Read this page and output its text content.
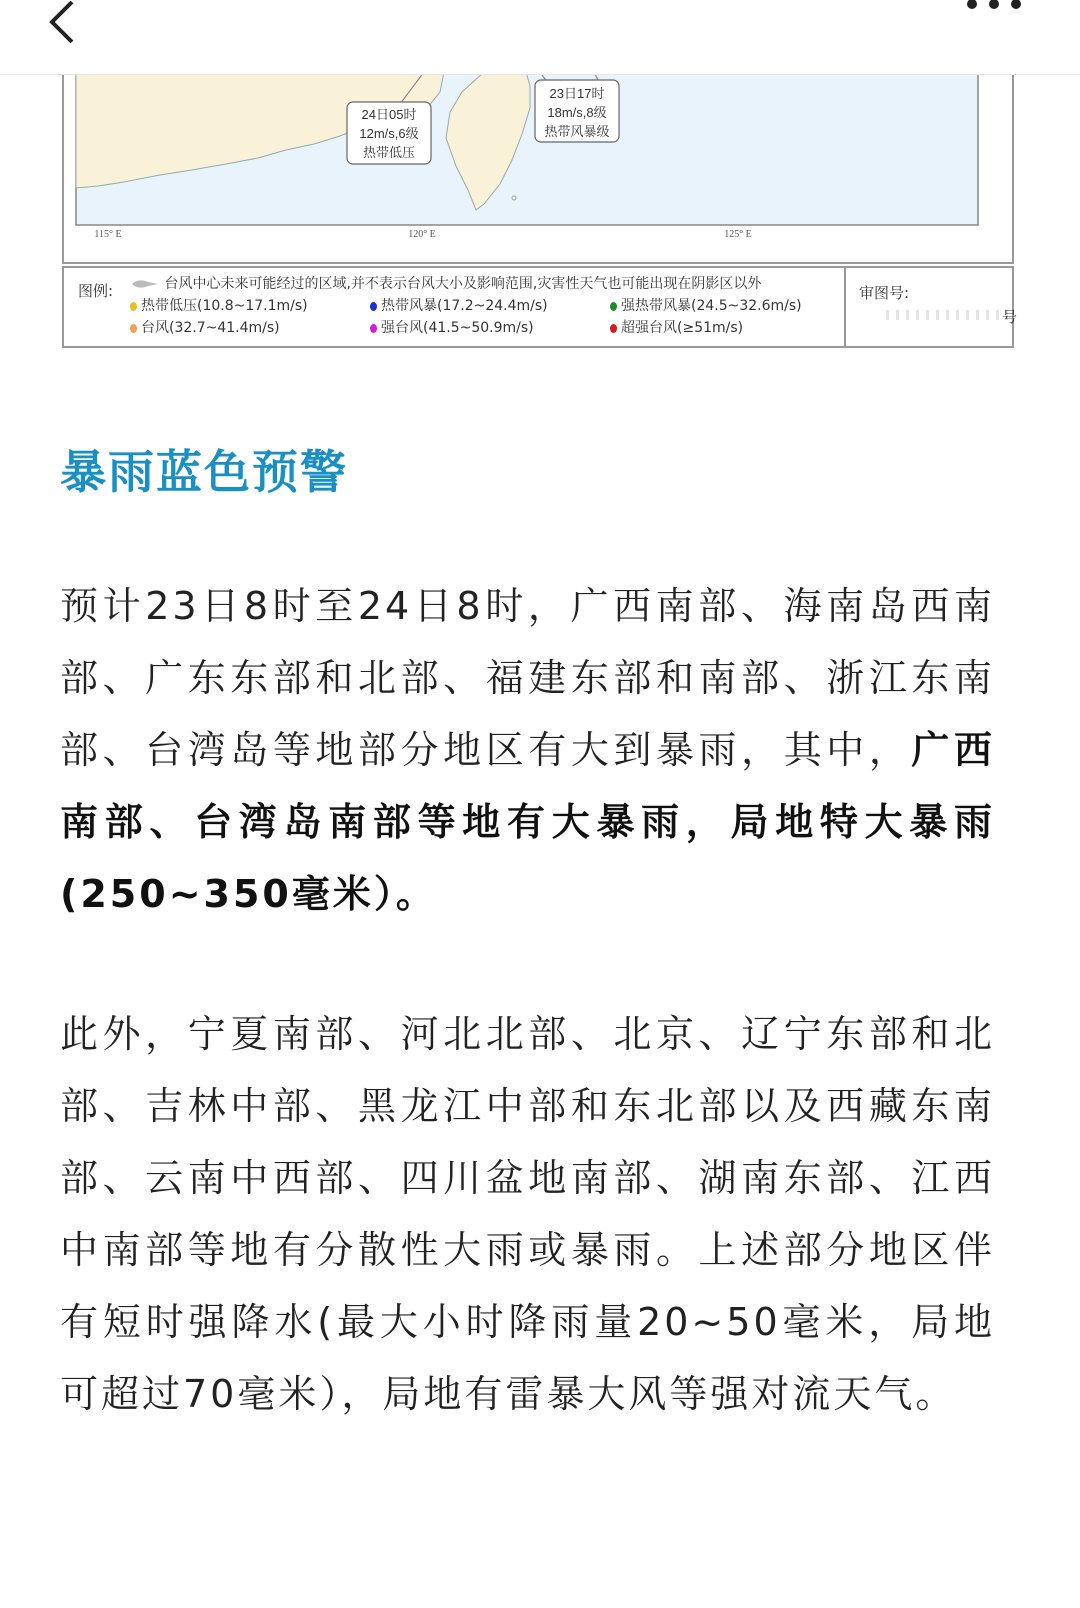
24日05时
12m/s,6级
热带低压
23日17时
18m/s,8级
热带风暴级
115° E	120° E	125° E
图例:	台风中心未来可能经过的区域,并不表示台风大小及影响范围,灾害性天气也可能出现在阴影区以外
热带低压(10.8~17.1m/s)	热带风暴(17.2~24.4m/s)	强热带风暴(24.5~32.6m/s)
台风(32.7~41.4m/s)	强台风(41.5~50.9m/s)	超强台风(≥51m/s)
审图号:
号
暴雨蓝色预警
预计23日8时至24日8时，广西南部、海南岛西南部、广东东部和北部、福建东部和南部、浙江东南部、台湾岛等地部分地区有大到暴雨，其中，广西南部、台湾岛南部等地有大暴雨，局地特大暴雨(250~350毫米）。
此外，宁夏南部、河北北部、北京、辽宁东部和北部、吉林中部、黑龙江中部和东北部以及西藏东南部、云南中西部、四川盆地南部、湖南东部、江西中南部等地有分散性大雨或暴雨。上述部分地区伴有短时强降水(最大小时降雨量20~50毫米，局地可超过70毫米），局地有雷暴大风等强对流天气。
